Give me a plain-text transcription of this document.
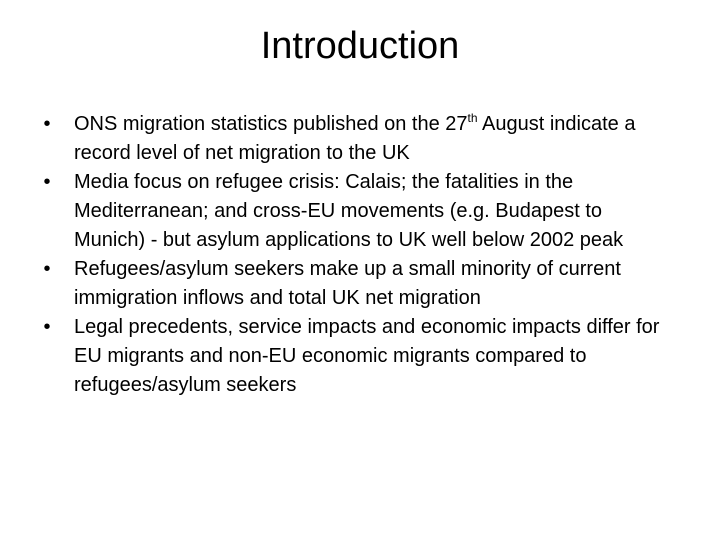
Introduction
• ONS migration statistics published on the 27th August indicate a record level of net migration to the UK
• Media focus on refugee crisis: Calais; the fatalities in the Mediterranean; and cross-EU movements (e.g. Budapest to Munich) - but asylum applications to UK well below 2002 peak
• Refugees/asylum seekers make up a small minority of current immigration inflows and total UK net migration
• Legal precedents, service impacts and economic impacts differ for EU migrants and non-EU economic migrants compared to refugees/asylum seekers
